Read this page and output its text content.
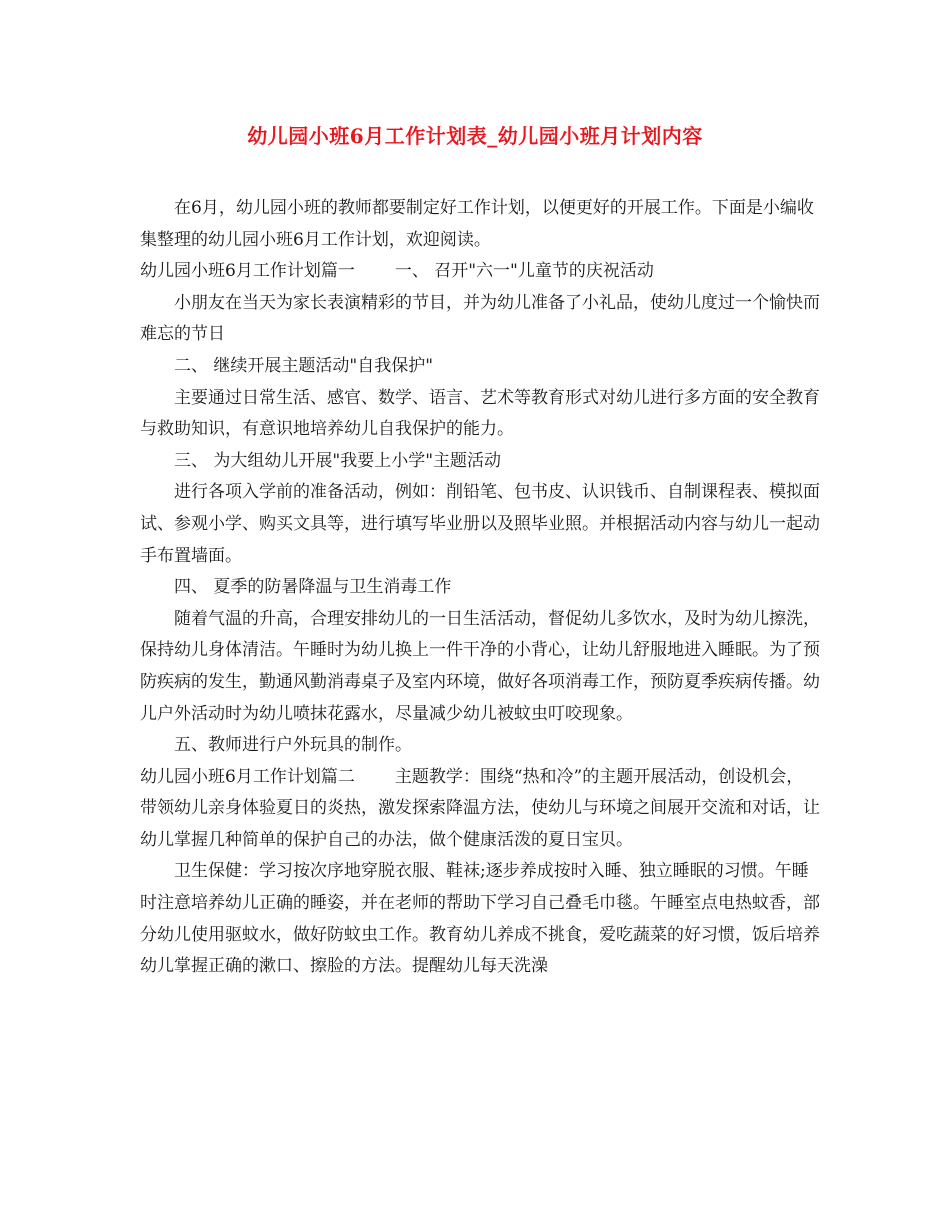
幼儿园小班6月工作计划表_幼儿园小班月计划内容

在6月，幼儿园小班的教师都要制定好工作计划，以便更好的开展工作。下面是小编收集整理的幼儿园小班6月工作计划，欢迎阅读。

幼儿园小班6月工作计划篇一 一、 召开"六一"儿童节的庆祝活动

小朋友在当天为家长表演精彩的节目，并为幼儿准备了小礼品，使幼儿度过一个愉快而难忘的节日

二、 继续开展主题活动"自我保护"

主要通过日常生活、感官、数学、语言、艺术等教育形式对幼儿进行多方面的安全教育与救助知识，有意识地培养幼儿自我保护的能力。

三、 为大组幼儿开展"我要上小学"主题活动

进行各项入学前的准备活动，例如：削铅笔、包书皮、认识钱币、自制课程表、模拟面试、参观小学、购买文具等，进行填写毕业册以及照毕业照。并根据活动内容与幼儿一起动手布置墙面。

四、 夏季的防暑降温与卫生消毒工作

随着气温的升高，合理安排幼儿的一日生活活动，督促幼儿多饮水，及时为幼儿擦洗，保持幼儿身体清洁。午睡时为幼儿换上一件干净的小背心，让幼儿舒服地进入睡眠。为了预防疾病的发生，勤通风勤消毒桌子及室内环境，做好各项消毒工作，预防夏季疾病传播。幼儿户外活动时为幼儿喷抹花露水，尽量减少幼儿被蚊虫叮咬现象。

五、教师进行户外玩具的制作。

幼儿园小班6月工作计划篇二 主题教学：围绕“热和冷”的主题开展活动，创设机会，带领幼儿亲身体验夏日的炎热，激发探索降温方法，使幼儿与环境之间展开交流和对话，让幼儿掌握几种简单的保护自己的办法，做个健康活泼的夏日宝贝。

卫生保健：学习按次序地穿脱衣服、鞋袜;逐步养成按时入睡、独立睡眠的习惯。午睡时注意培养幼儿正确的睡姿，并在老师的帮助下学习自己叠毛巾毯。午睡室点电热蚊香，部分幼儿使用驱蚊水，做好防蚊虫工作。教育幼儿养成不挑食，爱吃蔬菜的好习惯，饭后培养幼儿掌握正确的漱口、擦脸的方法。提醒幼儿每天洗澡
